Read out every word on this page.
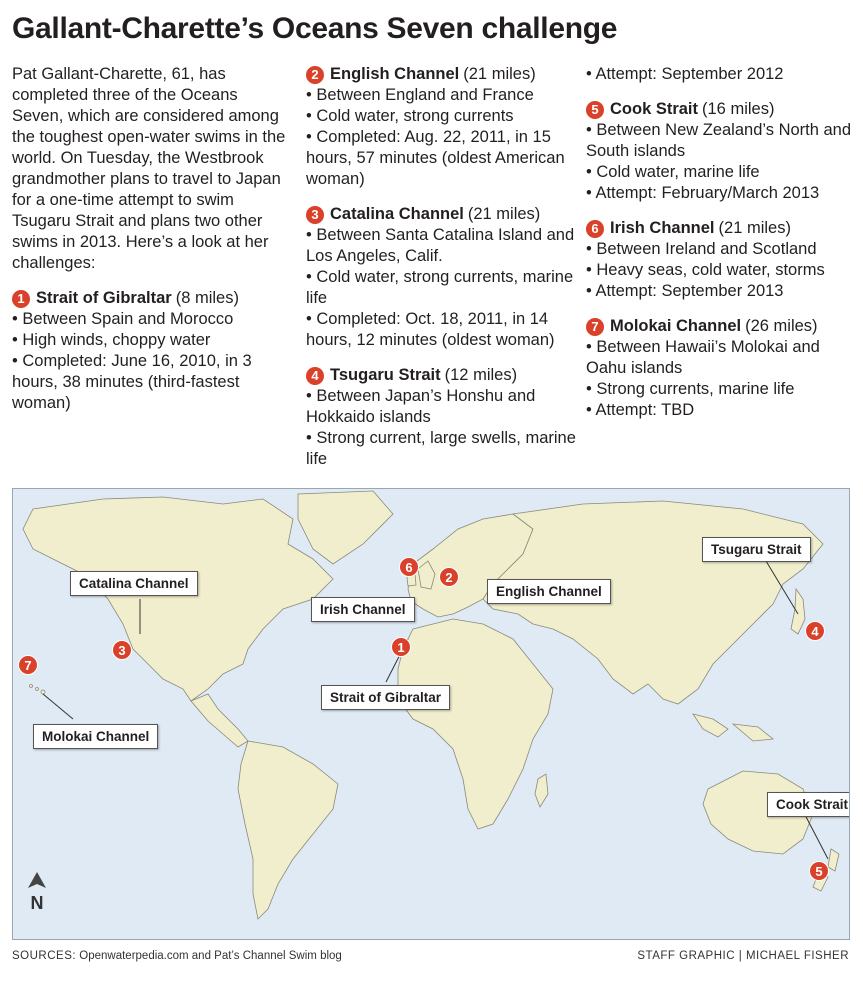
Gallant-Charette’s Oceans Seven challenge

Pat Gallant-Charette, 61, has completed three of the Oceans Seven, which are considered among the toughest open-water swims in the world. On Tuesday, the Westbrook grandmother plans to travel to Japan for a one-time attempt to swim Tsugaru Strait and plans two other swims in 2013. Here’s a look at her challenges:

1 Strait of Gibraltar (8 miles)

• Between Spain and Morocco

• High winds, choppy water

• Completed: June 16, 2010, in 3 hours, 38 minutes (third-fastest woman)

2 English Channel (21 miles)

• Between England and France

• Cold water, strong currents

• Completed: Aug. 22, 2011, in 15 hours, 57 minutes (oldest American woman)

3 Catalina Channel (21 miles)

• Between Santa Catalina Island and Los Angeles, Calif.

• Cold water, strong currents, marine life

• Completed: Oct. 18, 2011, in 14 hours, 12 minutes (oldest woman)

4 Tsugaru Strait (12 miles)

• Between Japan’s Honshu and Hokkaido islands

• Strong current, large swells, marine life

• Attempt: September 2012

5 Cook Strait (16 miles)

• Between New Zealand’s North and South islands

• Cold water, marine life

• Attempt: February/March 2013

6 Irish Channel (21 miles)

• Between Ireland and Scotland

• Heavy seas, cold water, storms

• Attempt: September 2013

7 Molokai Channel (26 miles)

• Between Hawaii’s Molokai and Oahu islands

• Strong currents, marine life

• Attempt: TBD

Catalina Channel
Irish Channel
English Channel
Strait of Gibraltar
Tsugaru Strait
Molokai Channel
Cook Strait
1
2
3
4
5
6
7
N
SOURCES: Openwaterpedia.com and Pat’s Channel Swim blog	STAFF GRAPHIC | MICHAEL FISHER
